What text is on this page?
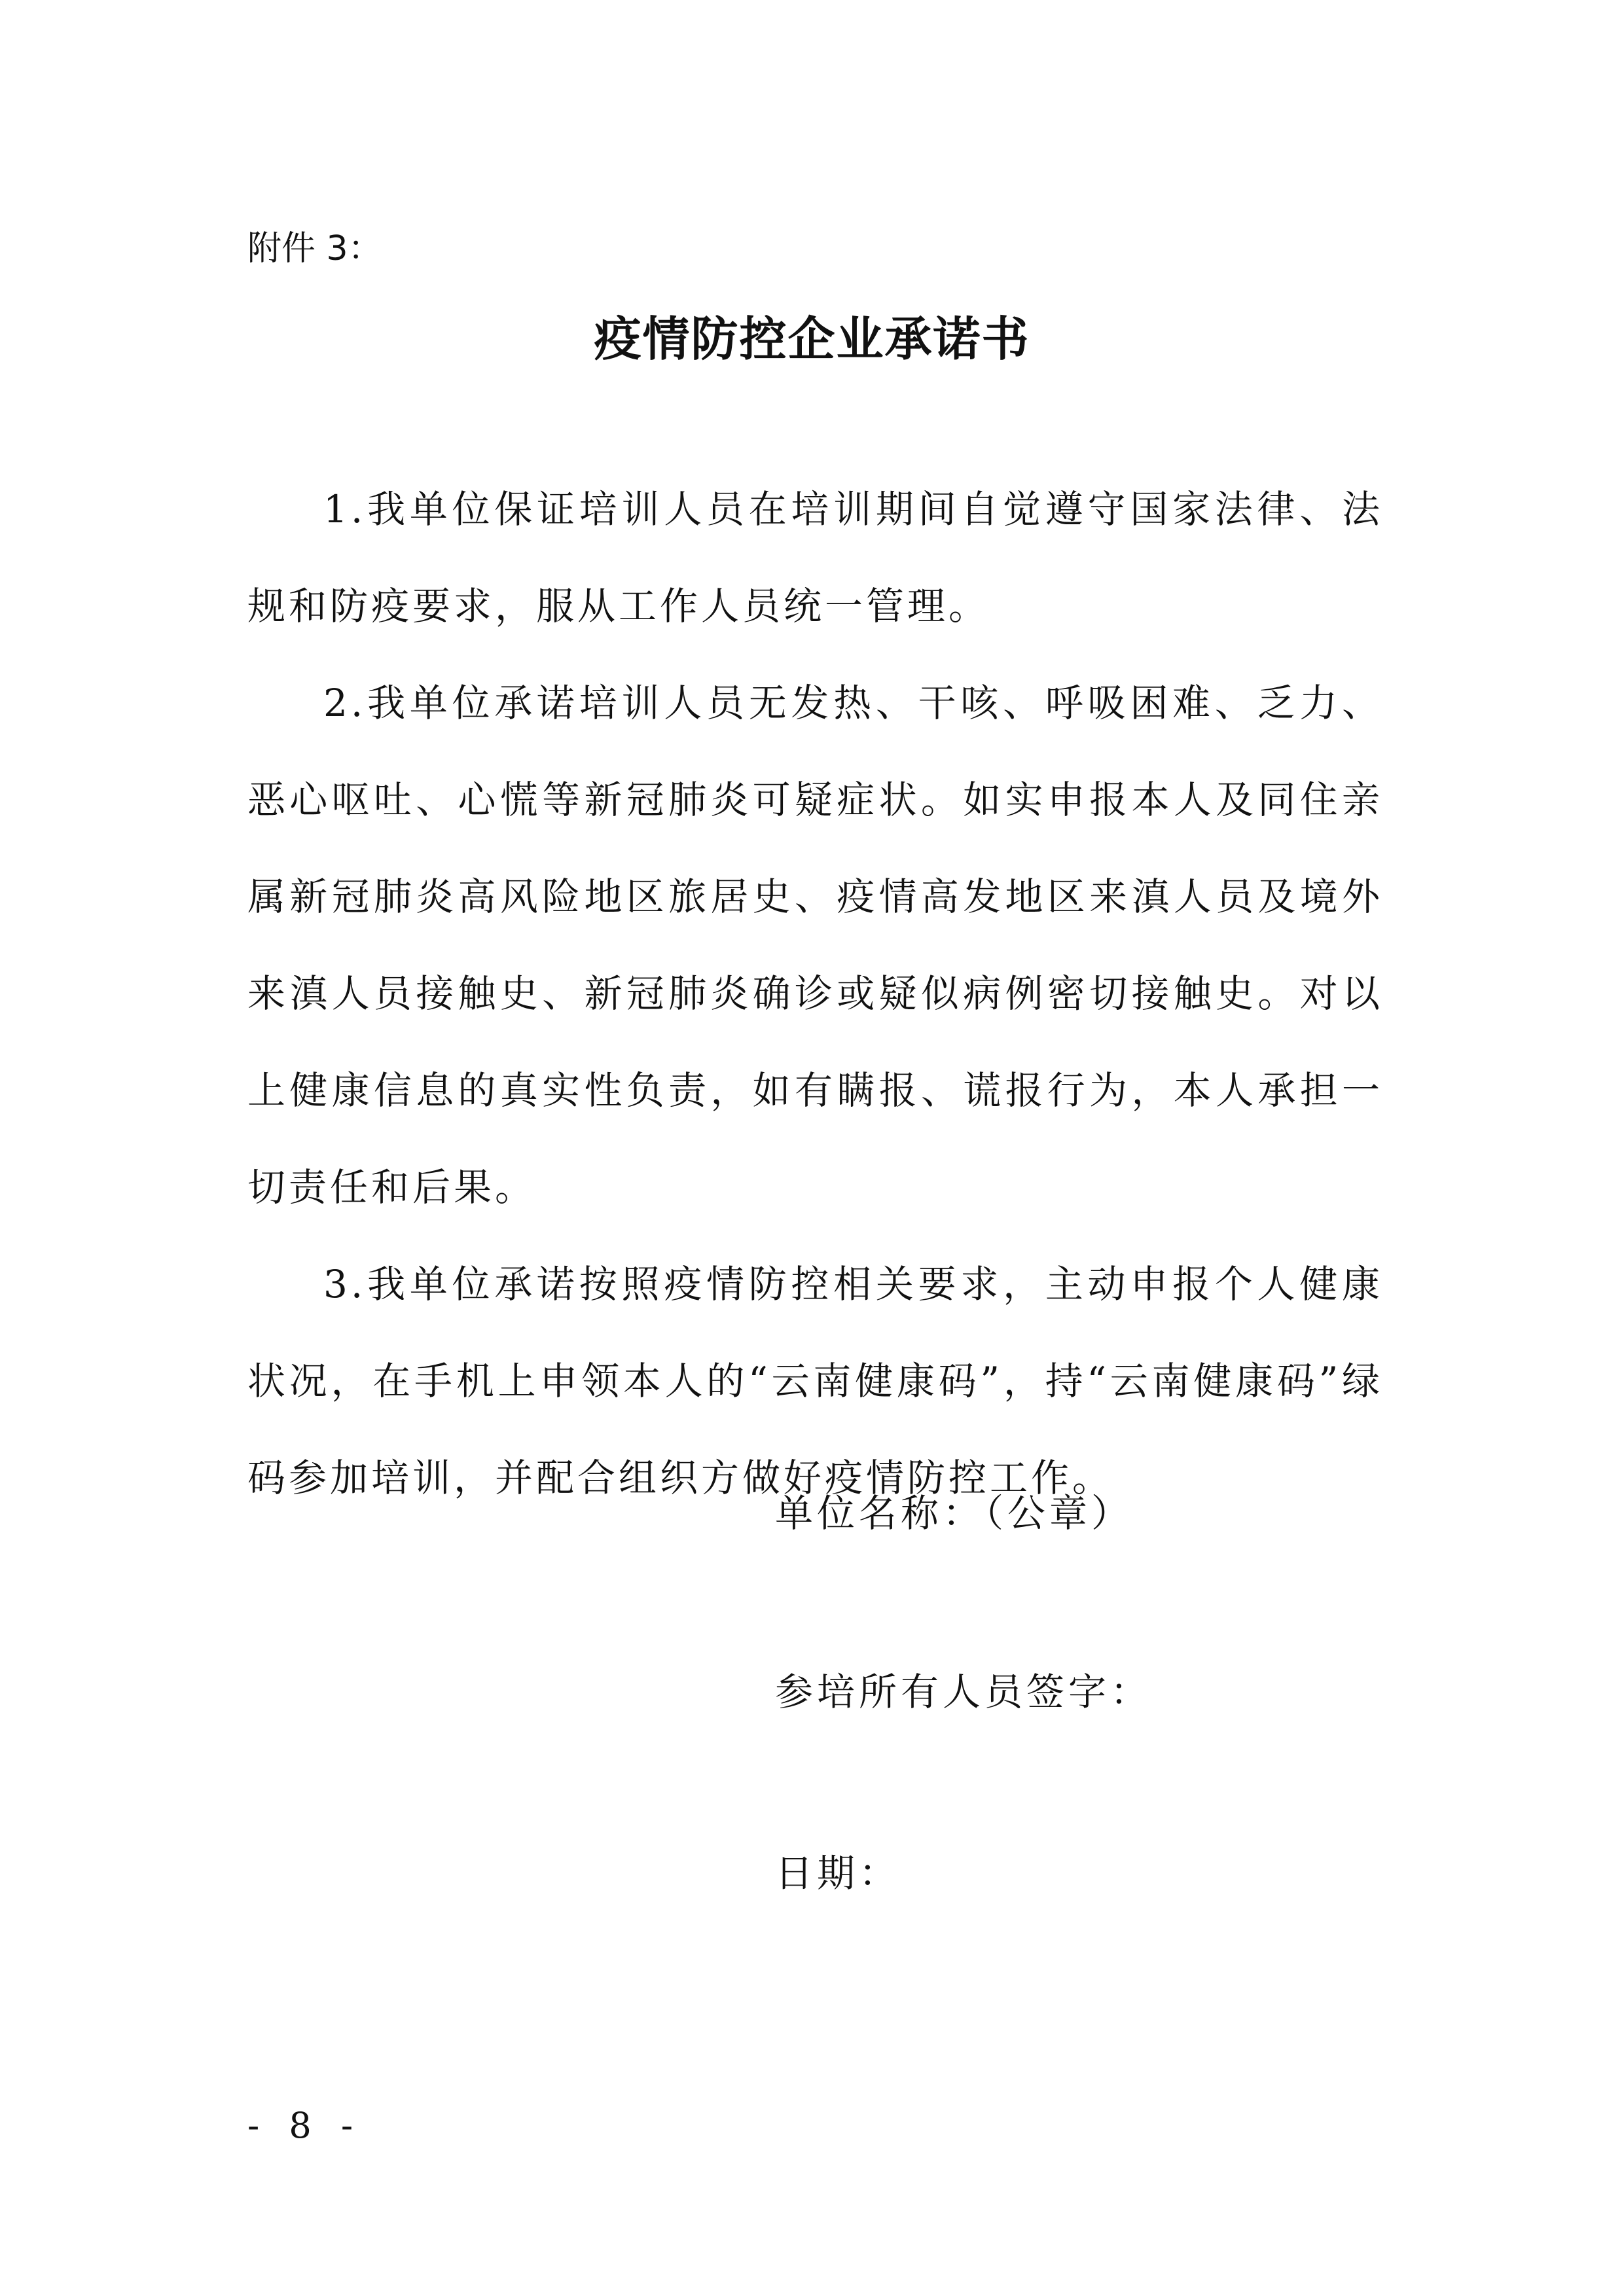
附件 3：
疫情防控企业承诺书

1.我单位保证培训人员在培训期间自觉遵守国家法律、法规和防疫要求，服从工作人员统一管理。

2.我单位承诺培训人员无发热、干咳、呼吸困难、乏力、恶心呕吐、心慌等新冠肺炎可疑症状。如实申报本人及同住亲属新冠肺炎高风险地区旅居史、疫情高发地区来滇人员及境外来滇人员接触史、新冠肺炎确诊或疑似病例密切接触史。对以上健康信息的真实性负责，如有瞒报、谎报行为，本人承担一切责任和后果。

3.我单位承诺按照疫情防控相关要求，主动申报个人健康状况，在手机上申领本人的“云南健康码”，持“云南健康码”绿码参加培训，并配合组织方做好疫情防控工作。

单位名称：（公章）
参培所有人员签字：
日期：
- 8 -
